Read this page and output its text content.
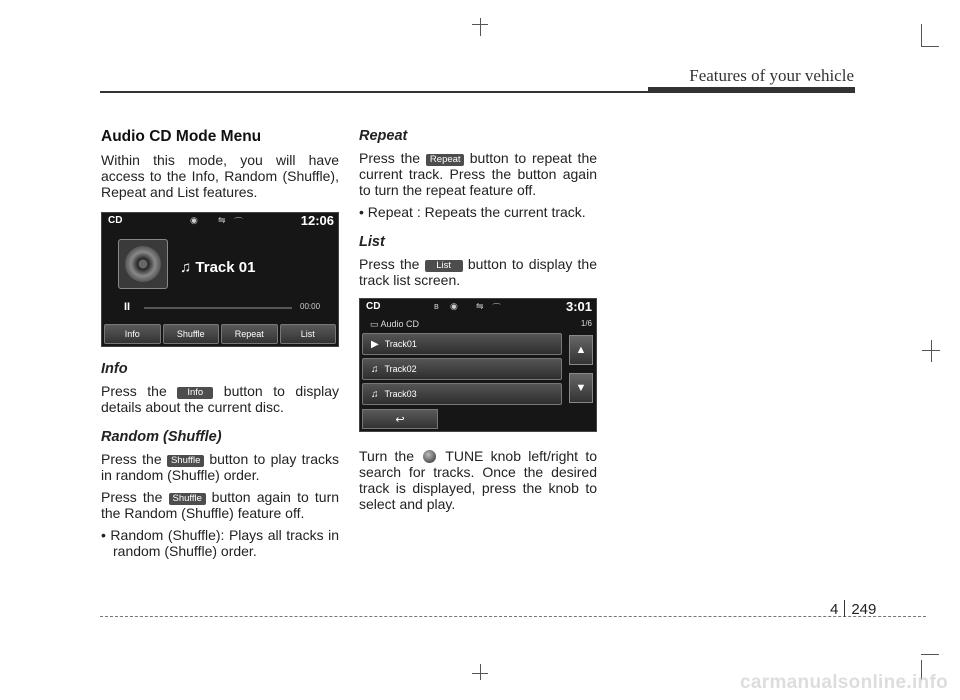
Features of your vehicle
Audio CD Mode Menu

Within this mode, you will have access to the Info, Random (Shuffle), Repeat and List features.

CD	◉ ⇋ ⌒	12:06
♫ Track 01
II	00:00
Info	Shuffle	Repeat	List
Info

Press the Info button to display details about the current disc.

Random (Shuffle)

Press the Shuffle button to play tracks in random (Shuffle) order.

Press the Shuffle button again to turn the Random (Shuffle) feature off.

• Random (Shuffle): Plays all tracks in random (Shuffle) order.

Repeat

Press the Repeat button to repeat the current track. Press the button again to turn the repeat feature off.

• Repeat : Repeats the current track.

List

Press the List button to display the track list screen.

CD	ʙ ◉ ⇋ ⌒	3:01
▭ Audio CD	1/6
▶ Track01
♫ Track02
♫ Track03
▲
▼
↩

Turn the TUNE knob left/right to search for tracks. Once the desired track is displayed, press the knob to select and play.

4 249
carmanualsonline.info
